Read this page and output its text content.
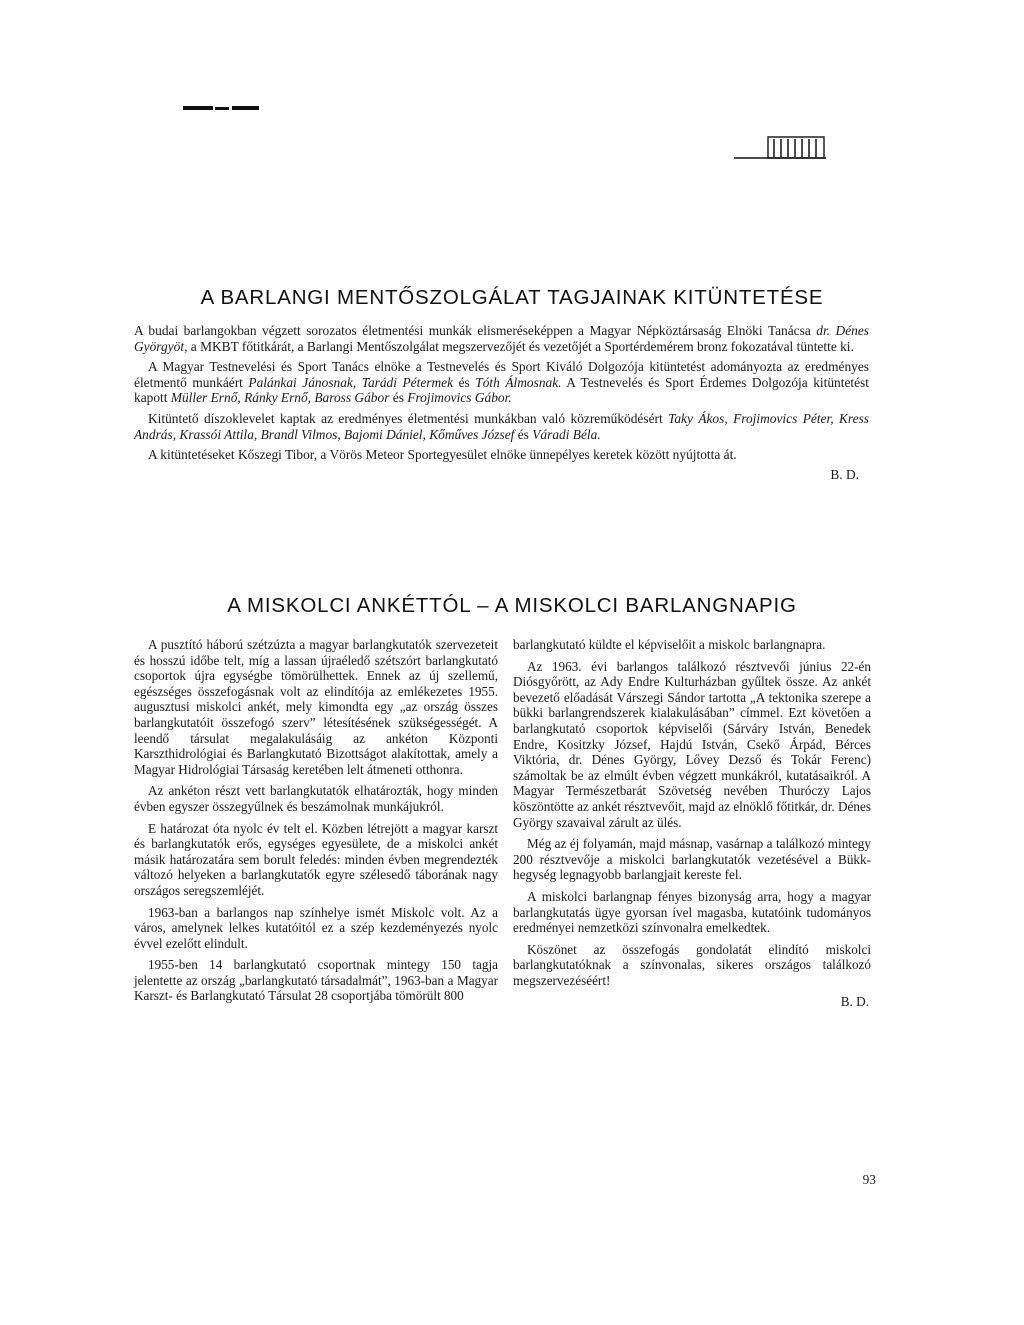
A BARLANGI MENTŐSZOLGÁLAT TAGJAINAK KITÜNTETÉSE

A budai barlangokban végzett sorozatos életmentési munkák elismeréseképpen a Magyar Népköztársaság Elnöki Tanácsa dr. Dénes Györgyöt, a MKBT főtitkárát, a Barlangi Mentőszolgálat megszervezőjét és vezetőjét a Sportérdemérem bronz fokozatával tüntette ki.

A Magyar Testnevelési és Sport Tanács elnöke a Testnevelés és Sport Kiváló Dolgozója kitüntetést adományozta az eredményes életmentő munkáért Palánkai Jánosnak, Tarádi Pétermek és Tóth Álmosnak. A Testnevelés és Sport Érdemes Dolgozója kitüntetést kapott Müller Ernő, Ránky Ernő, Baross Gábor és Frojimovics Gábor.

Kitüntető díszoklevelet kaptak az eredményes életmentési munkákban való közreműködésért Taky Ákos, Frojimovics Péter, Kress András, Krassói Attila, Brandl Vilmos, Bajomi Dániel, Kőműves József és Váradi Béla.

A kitüntetéseket Kőszegi Tibor, a Vörös Meteor Sportegyesület elnöke ünnepélyes keretek között nyújtotta át.

B. D.

A MISKOLCI ANKÉTTÓL – A MISKOLCI BARLANGNAPIG

A pusztító háború szétzúzta a magyar barlangkutatók szervezeteit és hosszú időbe telt, míg a lassan újraéledő szétszórt barlangkutató csoportok újra egységbe tömörülhettek. Ennek az új szellemű, egészséges összefogásnak volt az elindítója az emlékezetes 1955. augusztusi miskolci ankét, mely kimondta egy „az ország összes barlangkutatóit összefogó szerv” létesítésének szükségességét. A leendő társulat megalakulásáig az ankéton Központi Karszthidrológiai és Barlangkutató Bizottságot alakítottak, amely a Magyar Hidrológiai Társaság keretében lelt átmeneti otthonra.

Az ankéton részt vett barlangkutatók elhatározták, hogy minden évben egyszer összegyűlnek és beszámolnak munkájukról.

E határozat óta nyolc év telt el. Közben létrejött a magyar karszt és barlangkutatók erős, egységes egyesülete, de a miskolci ankét másik határozatára sem borult feledés: minden évben megrendezték változó helyeken a barlangkutatók egyre szélesedő táborának nagy országos seregszemléjét.

1963-ban a barlangos nap színhelye ismét Miskolc volt. Az a város, amelynek lelkes kutatóitól ez a szép kezdeményezés nyolc évvel ezelőtt elindult.

1955-ben 14 barlangkutató csoportnak mintegy 150 tagja jelentette az ország „barlangkutató társadalmát”, 1963-ban a Magyar Karszt- és Barlangkutató Társulat 28 csoportjába tömörült 800

barlangkutató küldte el képviselőit a miskolc barlangnapra.

Az 1963. évi barlangos találkozó résztvevői június 22-én Diósgyőrött, az Ady Endre Kulturházban gyűltek össze. Az ankét bevezető előadását Várszegi Sándor tartotta „A tektonika szerepe a bükki barlangrendszerek kialakulásában” címmel. Ezt követően a barlangkutató csoportok képviselői (Sárváry István, Benedek Endre, Kositzky József, Hajdú István, Csekő Árpád, Bérces Viktória, dr. Dénes György, Lővey Dezső és Tokár Ferenc) számoltak be az elmúlt évben végzett munkákról, kutatásaikról. A Magyar Természetbarát Szövetség nevében Thuróczy Lajos köszöntötte az ankét résztvevőit, majd az elnöklő főtitkár, dr. Dénes György szavaival zárult az ülés.

Még az éj folyamán, majd másnap, vasárnap a találkozó mintegy 200 résztvevője a miskolci barlangkutatók vezetésével a Bükk-hegység legnagyobb barlangjait kereste fel.

A miskolci barlangnap fényes bizonyság arra, hogy a magyar barlangkutatás ügye gyorsan ível magasba, kutatóink tudományos eredményei nemzetközi színvonalra emelkedtek.

Köszönet az összefogás gondolatát elindító miskolci barlangkutatóknak a színvonalas, sikeres országos találkozó megszervezéséért!

B. D.

93
